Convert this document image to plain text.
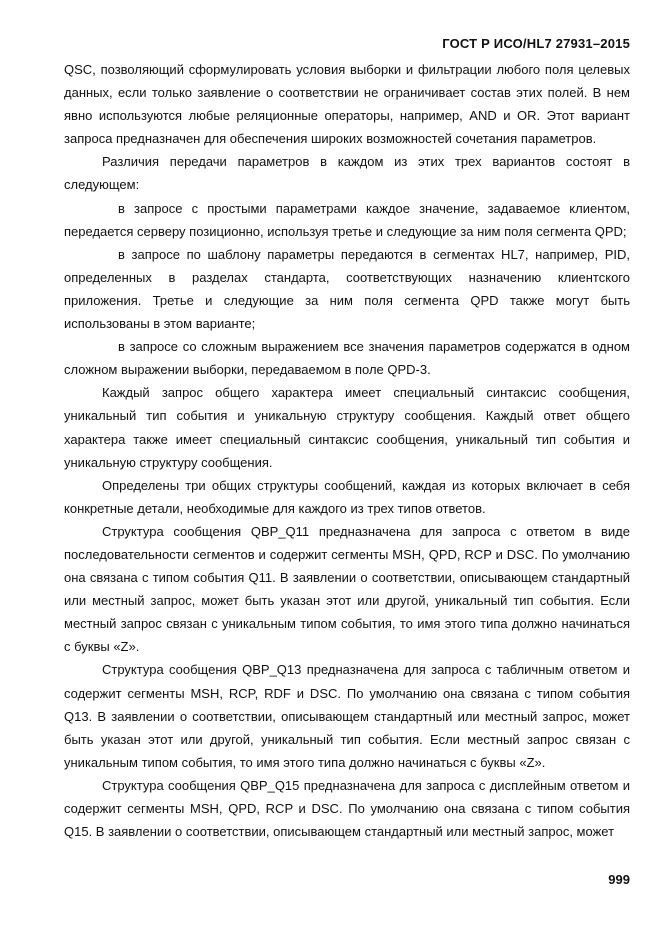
ГОСТ Р ИСО/HL7 27931–2015

QSC, позволяющий сформулировать условия выборки и фильтрации любого поля целевых данных, если только заявление о соответствии не ограничивает состав этих полей. В нем явно используются любые реляционные операторы, например, AND и OR. Этот вариант запроса предназначен для обеспечения широких возможностей сочетания параметров.

Различия передачи параметров в каждом из этих трех вариантов состоят в следующем:

в запросе с простыми параметрами каждое значение, задаваемое клиентом, передается серверу позиционно, используя третье и следующие за ним поля сегмента QPD;

в запросе по шаблону параметры передаются в сегментах HL7, например, PID, определенных в разделах стандарта, соответствующих назначению клиентского приложения. Третье и следующие за ним поля сегмента QPD также могут быть использованы в этом варианте;

в запросе со сложным выражением все значения параметров содержатся в одном сложном выражении выборки, передаваемом в поле QPD-3.

Каждый запрос общего характера имеет специальный синтаксис сообщения, уникальный тип события и уникальную структуру сообщения. Каждый ответ общего характера также имеет специальный синтаксис сообщения, уникальный тип события и уникальную структуру сообщения.

Определены три общих структуры сообщений, каждая из которых включает в себя конкретные детали, необходимые для каждого из трех типов ответов.

Структура сообщения QBP_Q11 предназначена для запроса с ответом в виде последовательности сегментов и содержит сегменты MSH, QPD, RCP и DSC. По умолчанию она связана с типом события Q11. В заявлении о соответствии, описывающем стандартный или местный запрос, может быть указан этот или другой, уникальный тип события. Если местный запрос связан с уникальным типом события, то имя этого типа должно начинаться с буквы «Z».

Структура сообщения QBP_Q13 предназначена для запроса с табличным ответом и содержит сегменты MSH, RCP, RDF и DSC. По умолчанию она связана с типом события Q13. В заявлении о соответствии, описывающем стандартный или местный запрос, может быть указан этот или другой, уникальный тип события. Если местный запрос связан с уникальным типом события, то имя этого типа должно начинаться с буквы «Z».

Структура сообщения QBP_Q15 предназначена для запроса с дисплейным ответом и содержит сегменты MSH, QPD, RCP и DSC. По умолчанию она связана с типом события Q15. В заявлении о соответствии, описывающем стандартный или местный запрос, может

999
